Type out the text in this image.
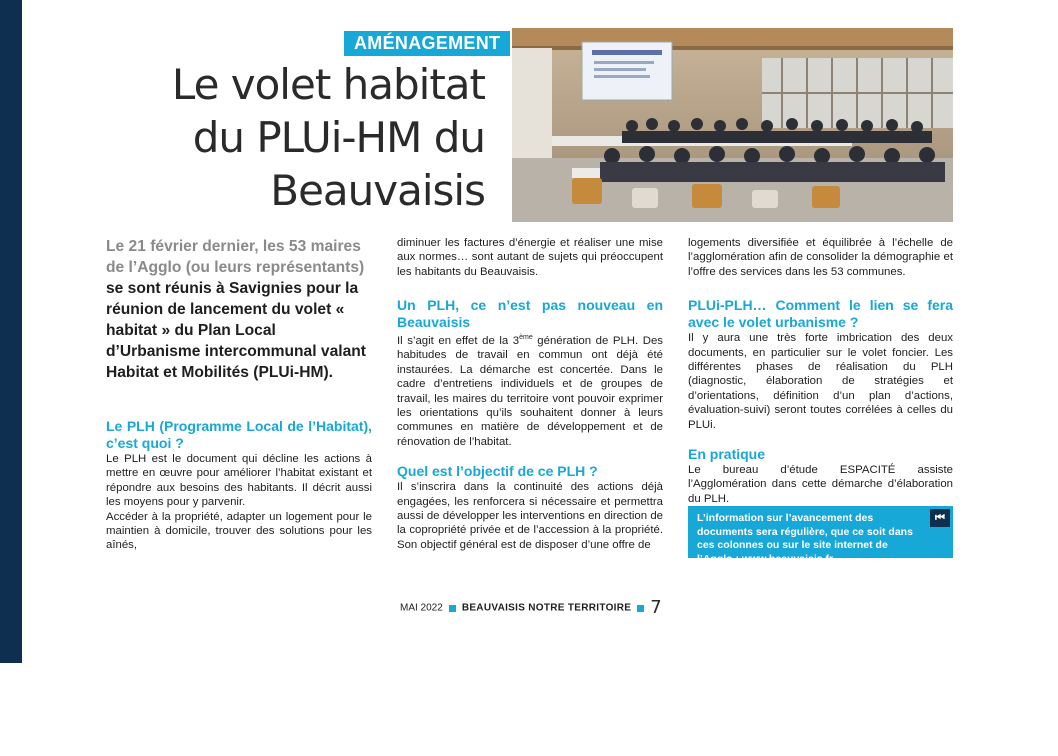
AMÉNAGEMENT
Le volet habitat
du PLUi-HM du
Beauvaisis
Le 21 février dernier, les 53 maires de l’Agglo (ou leurs représentants) se sont réunis à Savignies pour la réunion de lancement du volet « habitat » du Plan Local d’Urbanisme intercommunal valant Habitat et Mobilités (PLUi-HM).
Le PLH (Programme Local de l’Habitat), c’est quoi ?

Le PLH est le document qui décline les actions à mettre en œuvre pour améliorer l’habitat existant et répondre aux besoins des habitants. Il décrit aussi les moyens pour y parvenir.

Accéder à la propriété, adapter un logement pour le maintien à domicile, trouver des solutions pour les aînés,

diminuer les factures d’énergie et réaliser une mise aux normes… sont autant de sujets qui préoccupent les habitants du Beauvaisis.

Un PLH, ce n’est pas nouveau en Beauvaisis

Il s’agit en effet de la 3ème génération de PLH. Des habitudes de travail en commun ont déjà été instaurées. La démarche est concertée. Dans le cadre d’entretiens individuels et de groupes de travail, les maires du territoire vont pouvoir exprimer les orientations qu’ils souhaitent donner à leurs communes en matière de développement et de rénovation de l’habitat.

Quel est l’objectif de ce PLH ?

Il s’inscrira dans la continuité des actions déjà engagées, les renforcera si nécessaire et permettra aussi de développer les interventions en direction de la copropriété privée et de l’accession à la propriété. Son objectif général est de disposer d’une offre de

logements diversifiée et équilibrée à l’échelle de l’agglomération afin de consolider la démographie et l’offre des services dans les 53 communes.

PLUi-PLH… Comment le lien se fera avec le volet urbanisme ?

Il y aura une très forte imbrication des deux documents, en particulier sur le volet foncier. Les différentes phases de réalisation du PLH (diagnostic, élaboration de stratégies et d’orientations, définition d’un plan d’actions, évaluation-suivi) seront toutes corrélées à celles du PLUi.

En pratique

Le bureau d’étude ESPACITÉ assiste l’Agglomération dans cette démarche d’élaboration du PLH.

L’information sur l’avancement des documents sera régulière, que ce soit dans ces colonnes ou sur le site internet de l’Agglo : www.beauvaisis.fr.
⏮
MAI 2022 BEAUVAISIS NOTRE TERRITOIRE 7
